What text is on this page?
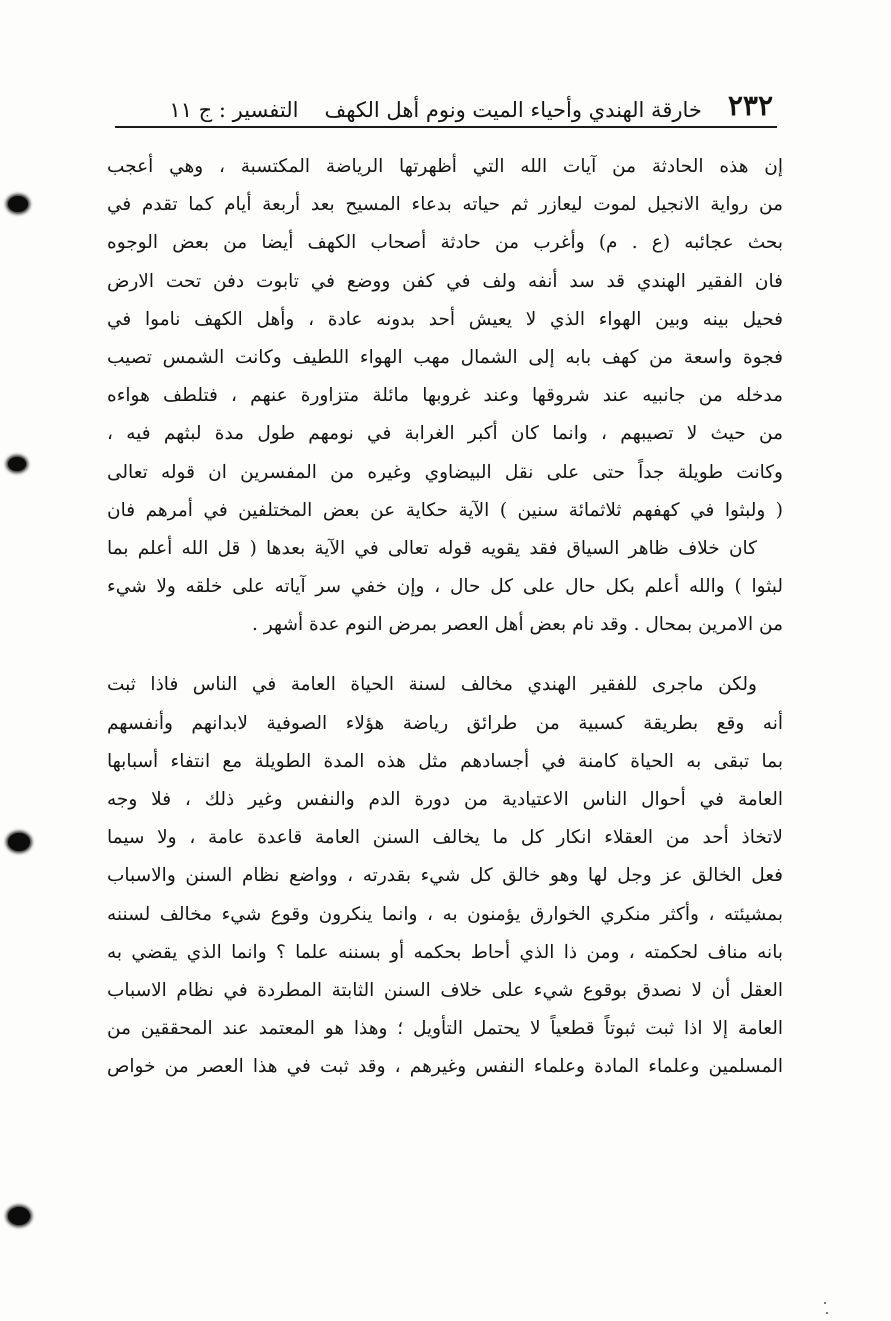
٢٣٢
خارقة الهندي وأحياء الميت ونوم أهل الكهف
التفسير : ج ١١
إن هذه الحادثة من آيات الله التي أظهرتها الرياضة المكتسبة ، وهي أعجب
من رواية الانجيل لموت ليعازر ثم حياته بدعاء المسيح بعد أربعة أيام كما تقدم في
بحث عجائبه (ع . م) وأغرب من حادثة أصحاب الكهف أيضا من بعض الوجوه
فان الفقير الهندي قد سد أنفه ولف في كفن ووضع في تابوت دفن تحت الارض
فحيل بينه وبين الهواء الذي لا يعيش أحد بدونه عادة ، وأهل الكهف ناموا في
فجوة واسعة من كهف بابه إلى الشمال مهب الهواء اللطيف وكانت الشمس تصيب
مدخله من جانبيه عند شروقها وعند غروبها مائلة متزاورة عنهم ، فتلطف هواءه
من حيث لا تصيبهم ، وانما كان أكبر الغرابة في نومهم طول مدة لبثهم فيه ،
وكانت طويلة جداً حتى على نقل البيضاوي وغيره من المفسرين ان قوله تعالى
( ولبثوا في كهفهم ثلاثمائة سنين ) الآية حكاية عن بعض المختلفين في أمرهم فان
كان خلاف ظاهر السياق فقد يقويه قوله تعالى في الآية بعدها ( قل الله أعلم بما
لبثوا ) والله أعلم بكل حال على كل حال ، وإن خفي سر آياته على خلقه ولا شيء
من الامرين بمحال . وقد نام بعض أهل العصر بمرض النوم عدة أشهر .
ولكن ماجرى للفقير الهندي مخالف لسنة الحياة العامة في الناس فاذا ثبت
أنه وقع بطريقة كسبية من طرائق رياضة هؤلاء الصوفية لابدانهم وأنفسهم
بما تبقى به الحياة كامنة في أجسادهم مثل هذه المدة الطويلة مع انتفاء أسبابها
العامة في أحوال الناس الاعتيادية من دورة الدم والنفس وغير ذلك ، فلا وجه
لاتخاذ أحد من العقلاء انكار كل ما يخالف السنن العامة قاعدة عامة ، ولا سيما
فعل الخالق عز وجل لها وهو خالق كل شيء بقدرته ، وواضع نظام السنن والاسباب
بمشيئته ، وأكثر منكري الخوارق يؤمنون به ، وانما ينكرون وقوع شيء مخالف لسننه
بانه مناف لحكمته ، ومن ذا الذي أحاط بحكمه أو بسننه علما ؟ وانما الذي يقضي به
العقل أن لا نصدق بوقوع شيء على خلاف السنن الثابتة المطردة في نظام الاسباب
العامة إلا اذا ثبت ثبوتاً قطعياً لا يحتمل التأويل ؛ وهذا هو المعتمد عند المحققين من
المسلمين وعلماء المادة وعلماء النفس وغيرهم ، وقد ثبت في هذا العصر من خواص
